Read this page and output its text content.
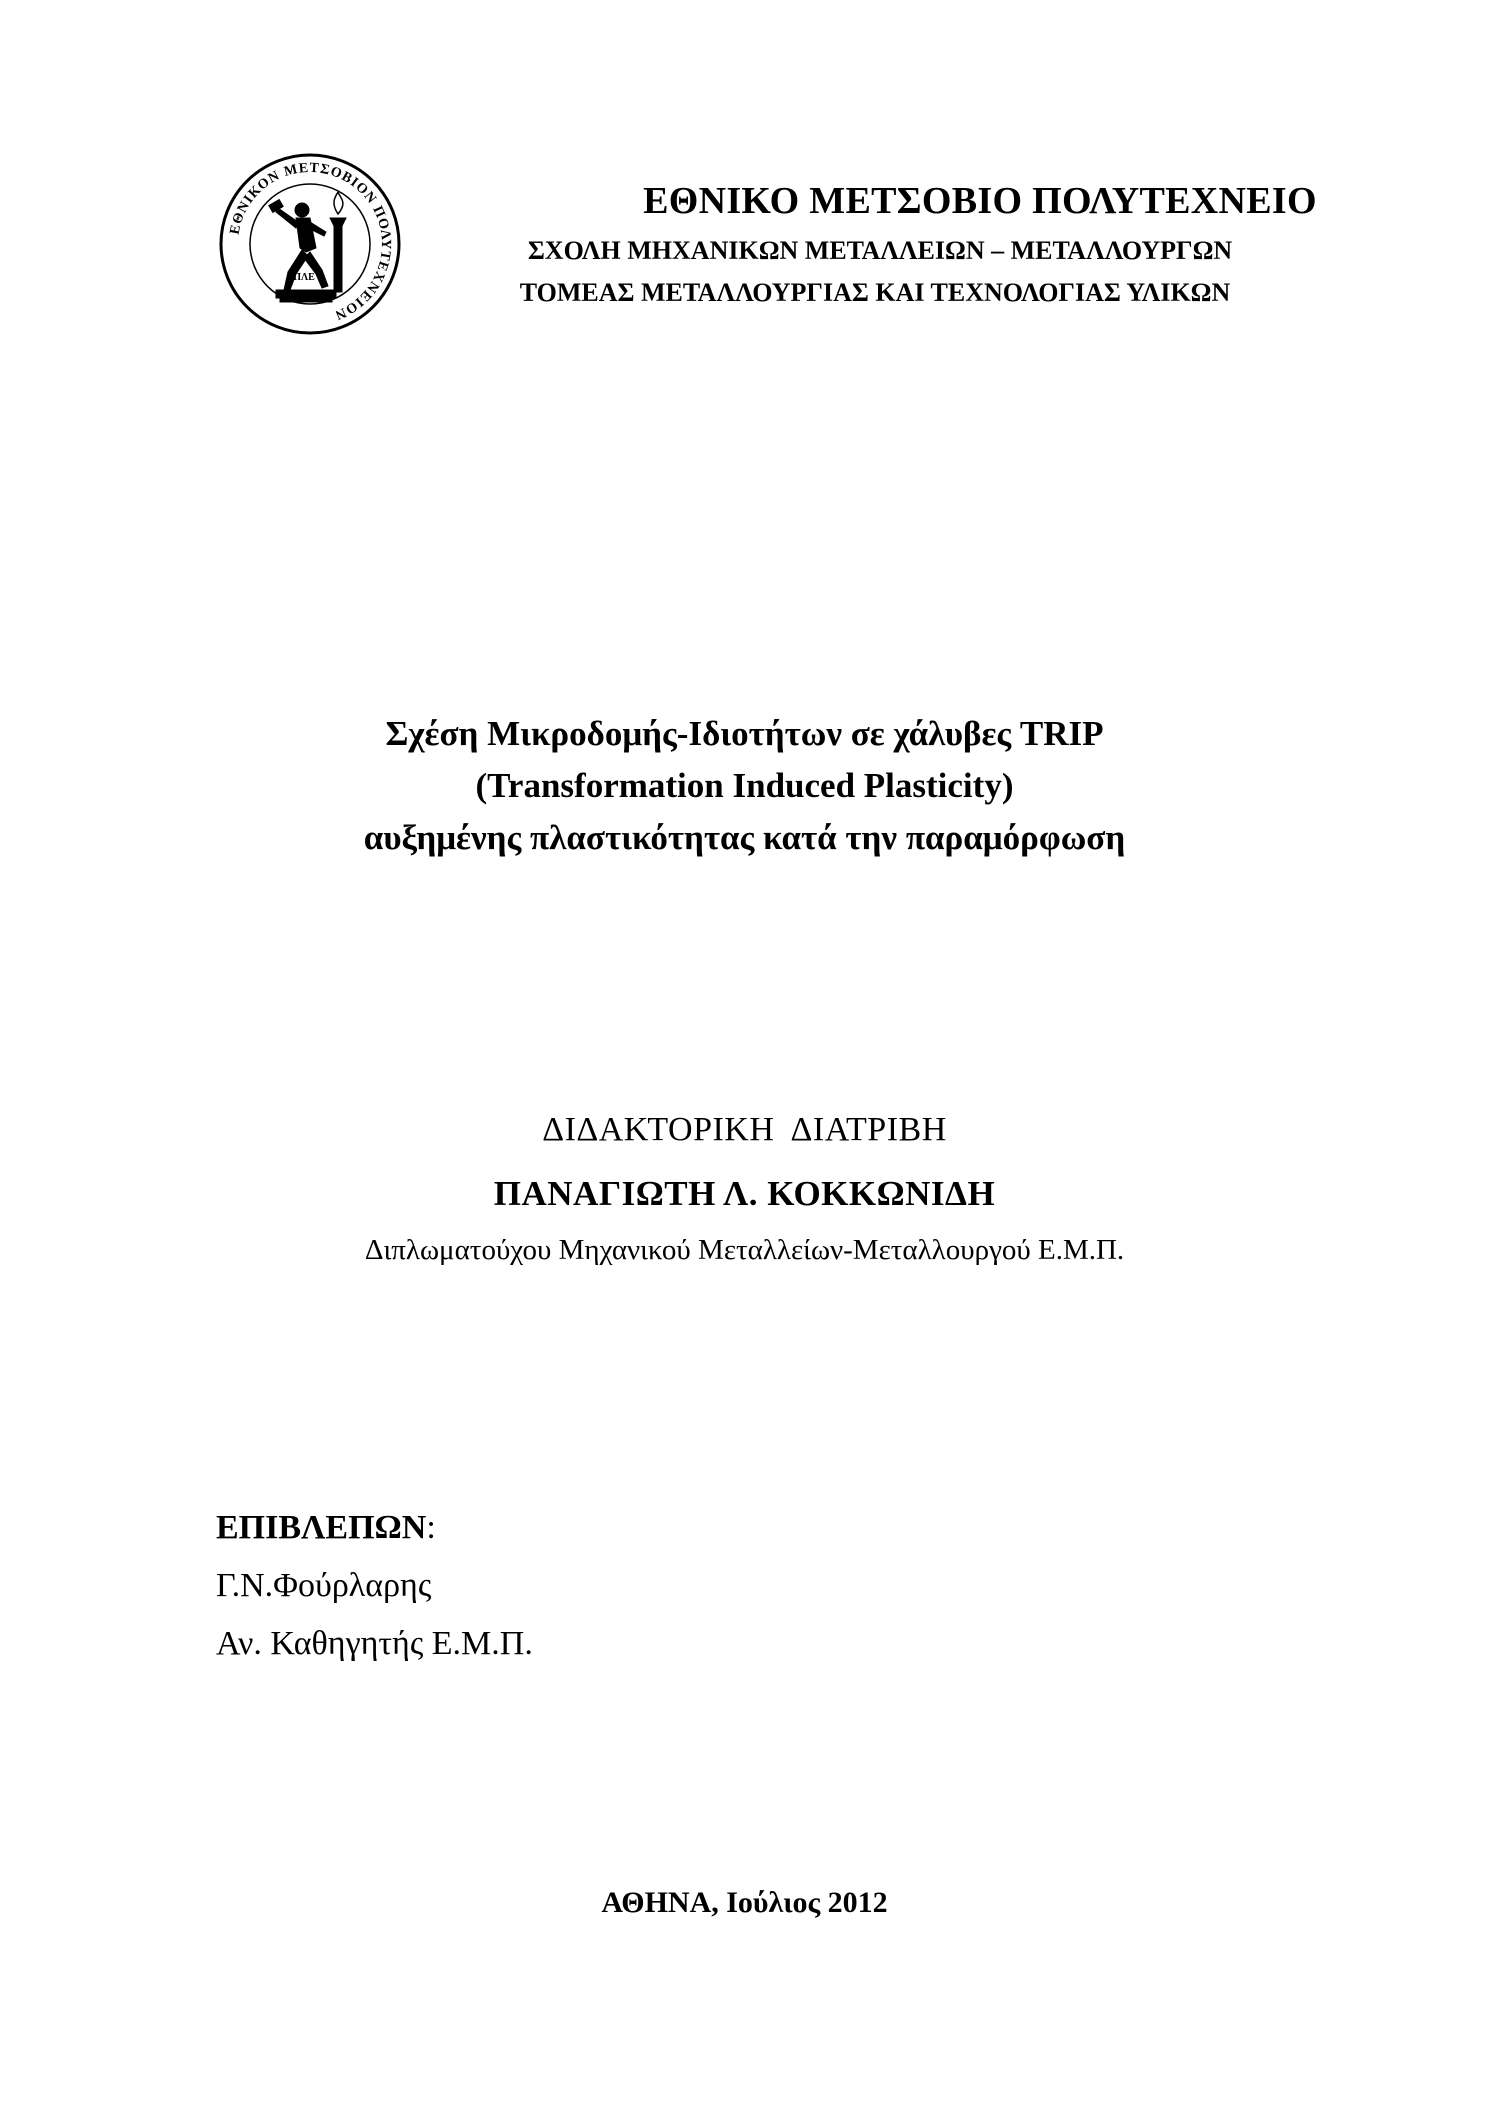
ΕΘΝΙΚΟΝ ΜΕΤΣΟΒΙΟΝ ΠΟΛΥΤΕΧΝΕΙΟΝ
ΑΠΛΕ
ΕΘΝΙΚΟ ΜΕΤΣΟΒΙΟ ΠΟΛΥΤΕΧΝΕΙΟ
ΣΧΟΛΗ ΜΗΧΑΝΙΚΩΝ ΜΕΤΑΛΛΕΙΩΝ – ΜΕΤΑΛΛΟΥΡΓΩΝ
ΤΟΜΕΑΣ ΜΕΤΑΛΛΟΥΡΓΙΑΣ ΚΑΙ ΤΕΧΝΟΛΟΓΙΑΣ ΥΛΙΚΩΝ
Σχέση Μικροδομής-Ιδιοτήτων σε χάλυβες TRIP
(Transformation Induced Plasticity)
αυξημένης πλαστικότητας κατά την παραμόρφωση
ΔΙΔΑΚΤΟΡΙΚΗ  ΔΙΑΤΡΙΒΗ
ΠΑΝΑΓΙΩΤΗ Λ. ΚΟΚΚΩΝΙΔΗ
Διπλωματούχου Μηχανικού Μεταλλείων-Μεταλλουργού Ε.Μ.Π.
ΕΠΙΒΛΕΠΩΝ:
Γ.Ν.Φούρλαρης
Αν. Καθηγητής Ε.Μ.Π.
ΑΘΗΝΑ, Ιούλιος 2012
